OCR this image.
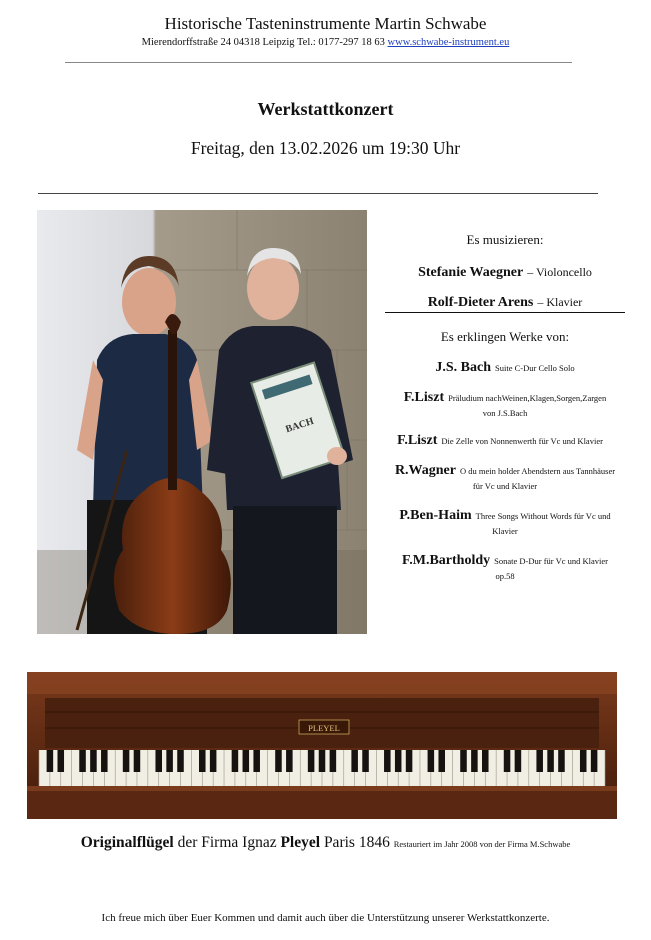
Historische Tasteninstrumente Martin Schwabe
Mierendorffstraße 24 04318 Leipzig Tel.: 0177-297 18 63 www.schwabe-instrument.eu
Werkstattkonzert
Freitag, den 13.02.2026 um 19:30 Uhr
BACH
Es musizieren:
Stefanie Waegner – Violoncello
Rolf-Dieter Arens – Klavier
Es erklingen Werke von:
J.S. Bach Suite C-Dur Cello Solo
F.Liszt Präludium nachWeinen,Klagen,Sorgen,Zargen von J.S.Bach
F.Liszt Die Zelle von Nonnenwerth für Vc und Klavier
R.Wagner O du mein holder Abendstern aus Tannhäuser für Vc und Klavier
P.Ben-Haim Three Songs Without Words für Vc und Klavier
F.M.Bartholdy Sonate D-Dur für Vc und Klavier op.58
PLEYEL
Originalflügel der Firma Ignaz Pleyel Paris 1846 Restauriert im Jahr 2008 von der Firma M.Schwabe
Ich freue mich über Euer Kommen und damit auch über die Unterstützung unserer Werkstattkonzerte.
